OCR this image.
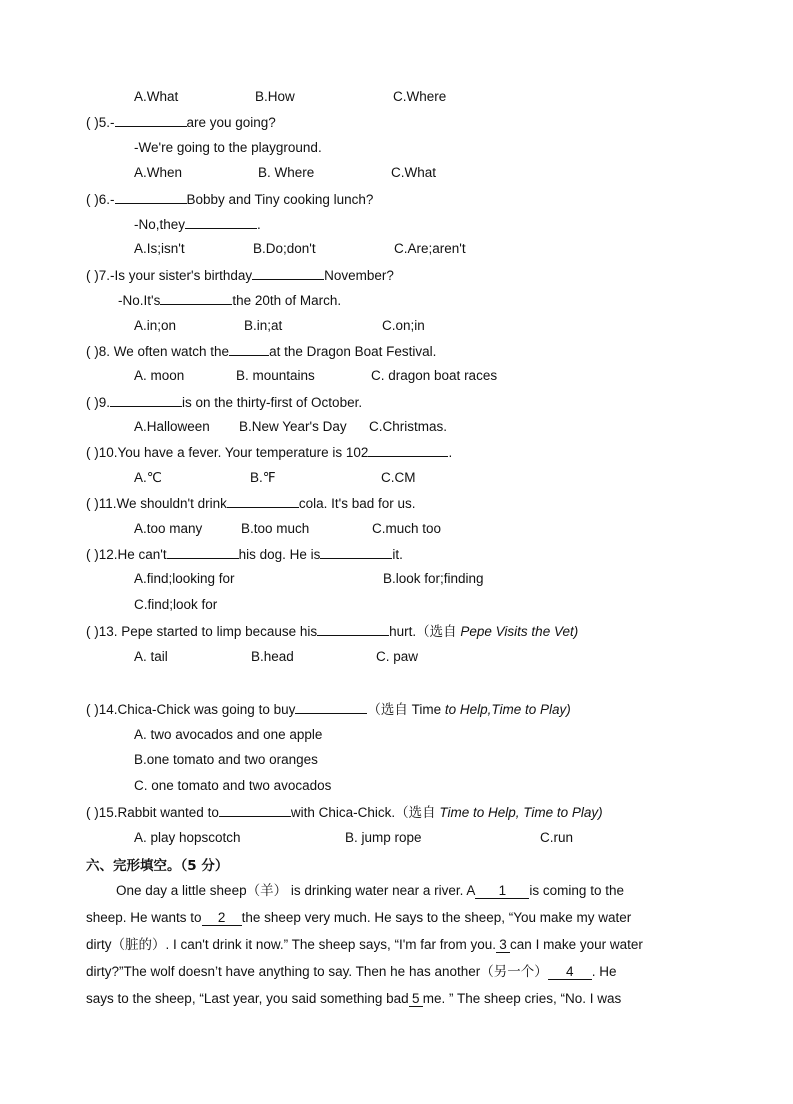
A.What	B.How	C.Where
( )5.-	are you going?
-We're going to the playground.
A.When	B. Where	C.What
( )6.-	Bobby and Tiny cooking lunch?
-No,they	.
A.Is;isn't	B.Do;don't	C.Are;aren't
( )7.-Is your sister's birthday	November?
-No.It's	the 20th of March.
A.in;on	B.in;at	C.on;in
( )8. We often watch the	at the Dragon Boat Festival.
A. moon	B. mountains	C. dragon boat races
( )9.	is on the thirty-first of October.
A.Halloween B.New Year's Day C.Christmas.
( )10.You have a fever. Your temperature is 102	.
A.℃	B.℉	C.CM
( )11.We shouldn't drink	cola. It's bad for us.
A.too many	B.too much	C.much too
( )12.He can't	his dog. He is	it.
A.find;looking for	B.look for;finding
C.find;look for
( )13. Pepe started to limp because his	hurt.（选自 Pepe Visits the Vet)
A. tail	B.head	C. paw
( )14.Chica-Chick was going to buy	（选自 Time to Help,Time to Play)
A. two avocados and one apple
B.one tomato and two oranges
C. one tomato and two avocados
( )15.Rabbit wanted to	with Chica-Chick.（选自 Time to Help, Time to Play)
A. play hopscotch	B. jump rope	C.run
六、完形填空。（5 分）
One day a little sheep（羊） is drinking water near a river. A 1 is coming to the
sheep. He wants to 2 the sheep very much. He says to the sheep, “You make my water
dirty（脏的）. I can't drink it now.” The sheep says, “I'm far from you. 3 can I make your water
dirty?”The wolf doesn’t have anything to say. Then he has another（另一个） 4 . He
says to the sheep, “Last year, you said something bad 5 me. ” The sheep cries, “No. I was
